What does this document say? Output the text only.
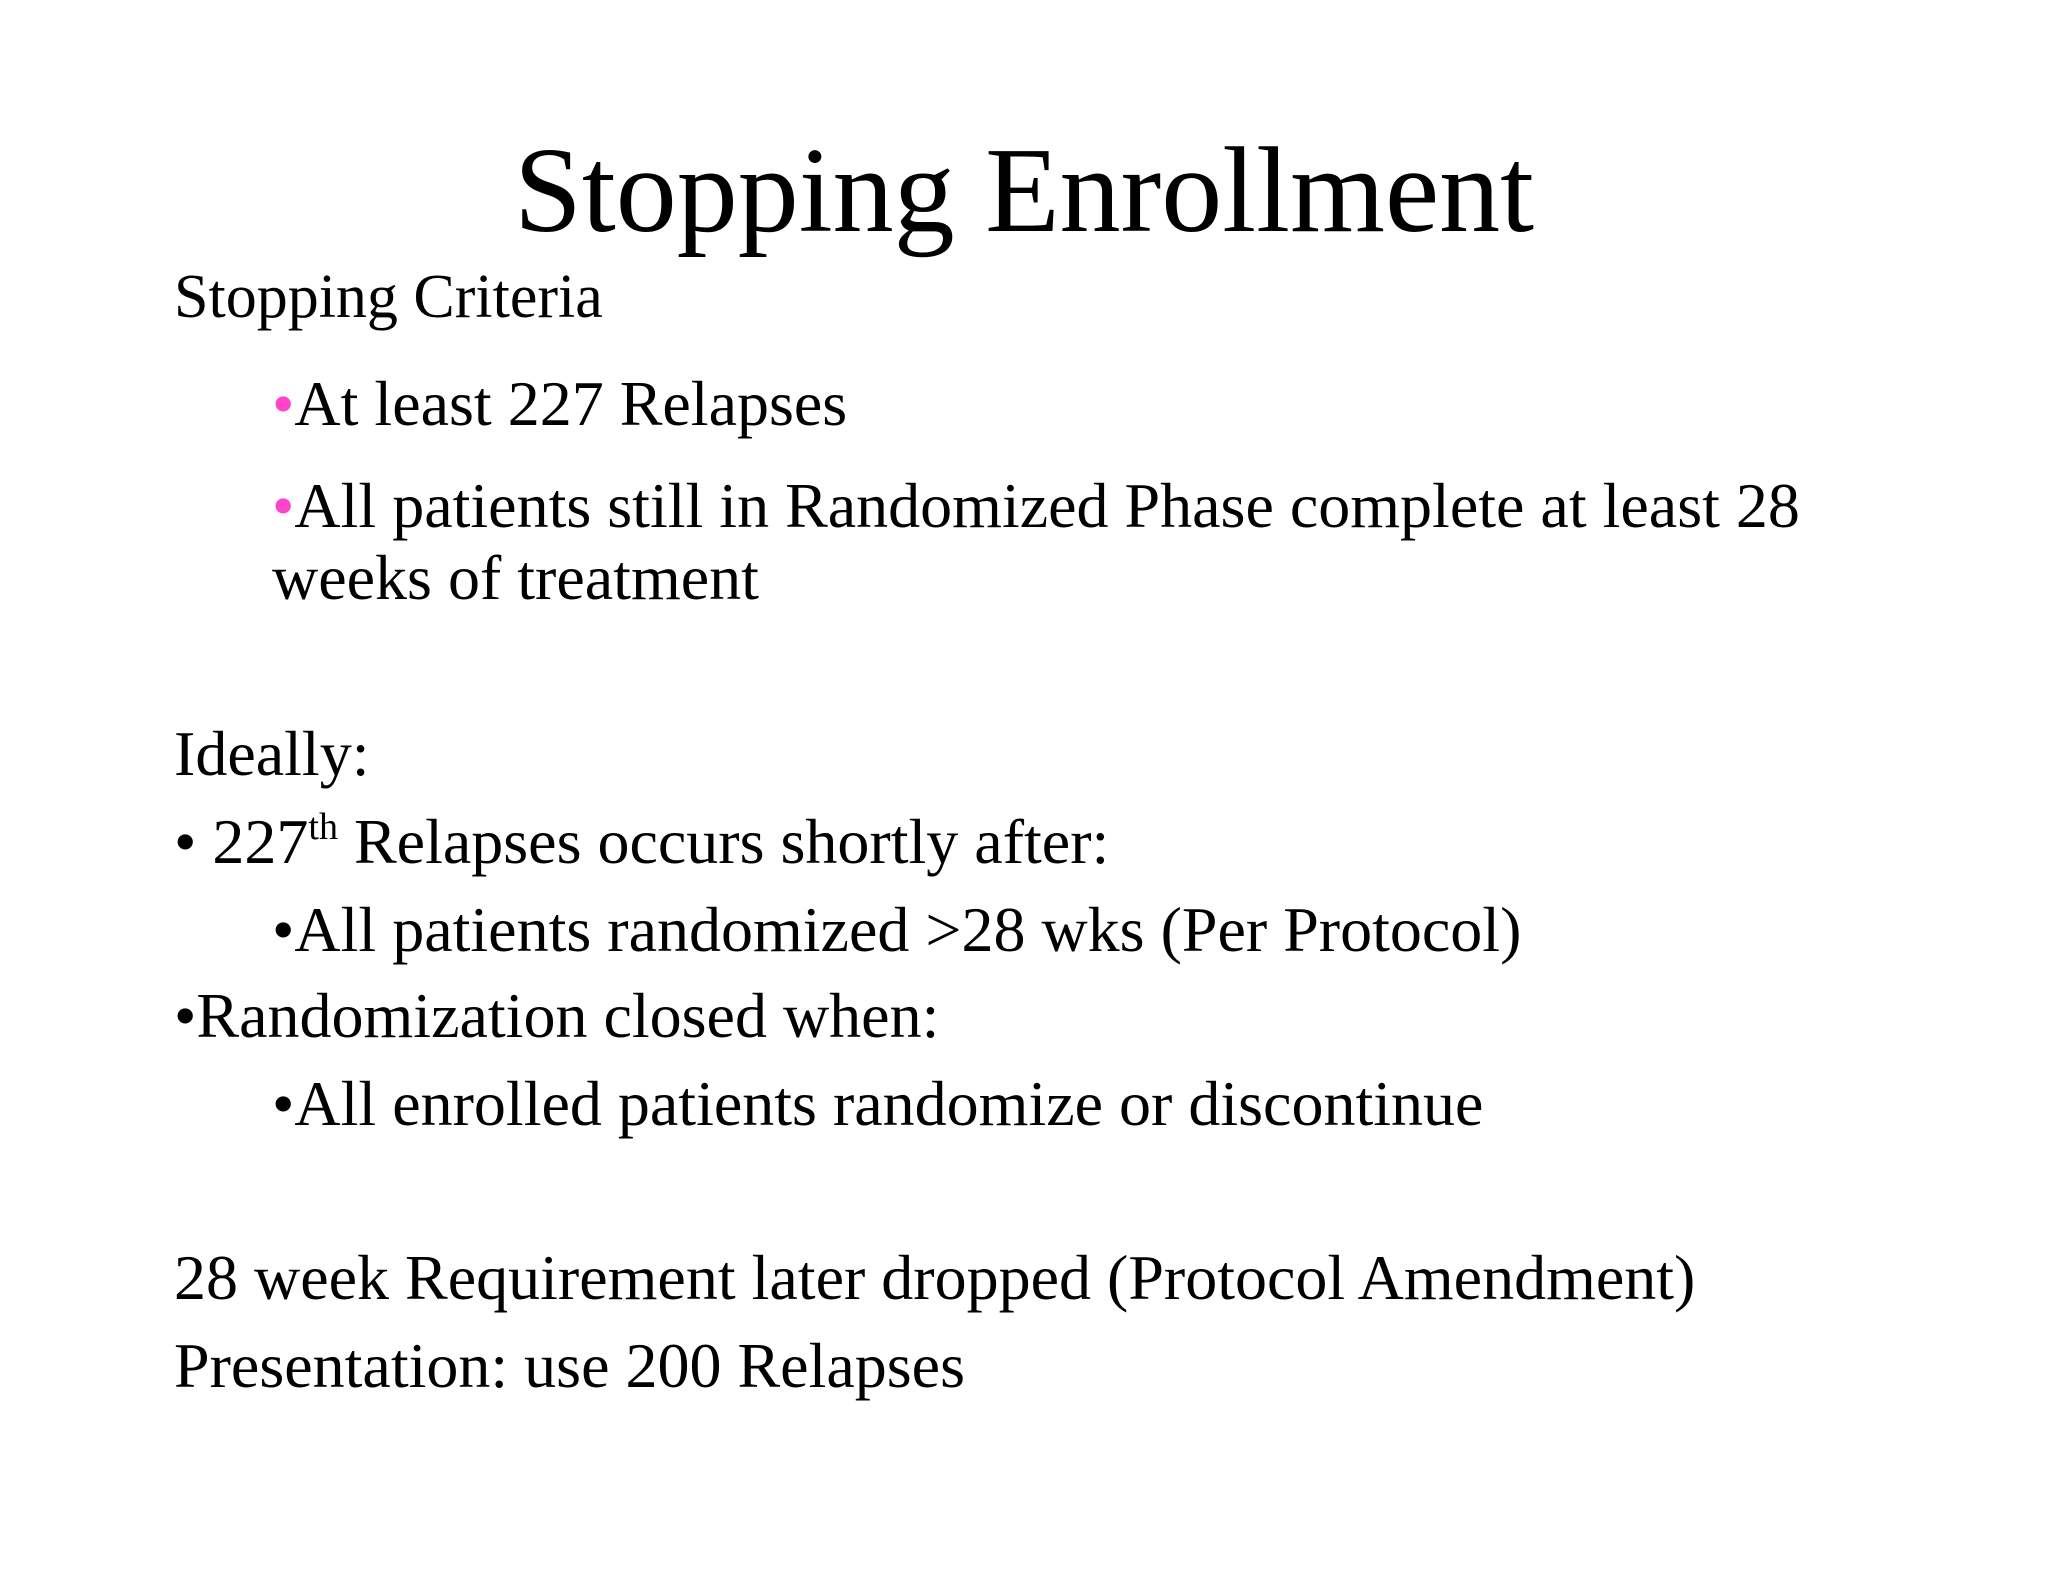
Stopping Enrollment
Stopping Criteria
•At least 227 Relapses
•All patients still in Randomized Phase complete at least 28
weeks of treatment
Ideally:
• 227th Relapses occurs shortly after:
•All patients randomized >28 wks (Per Protocol)
•Randomization closed when:
•All enrolled patients randomize or discontinue
28 week Requirement later dropped (Protocol Amendment)
Presentation: use 200 Relapses
